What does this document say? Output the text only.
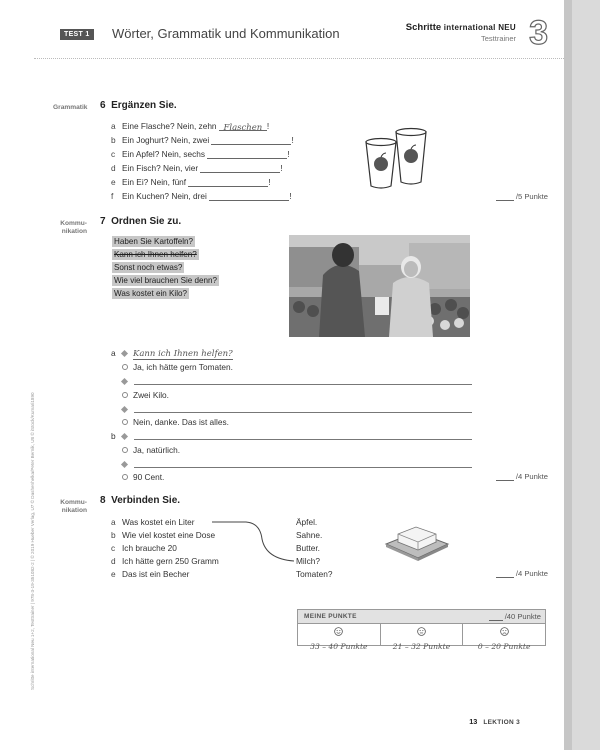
TEST 1	Wörter, Grammatik und Kommunikation	Schritte international NEU
Testtrainer 3
Schritte international Neu 1+2, Testtrainer | 978-3-19-351082-2 | © 2019 Hueber Verlag, U7 © Dashenhelka/Peter Bernik, U8 © iStock/Kumari1890
Grammatik 6 Ergänzen Sie.
a Eine Flasche? Nein, zehn Flaschen !
b Ein Joghurt? Nein, zwei	!
c Ein Apfel? Nein, sechs	!
d Ein Fisch? Nein, vier	!
e Ein Ei? Nein, fünf	!
f Ein Kuchen? Nein, drei	!	/5 Punkte
Kommu-
nikation
7 Ordnen Sie zu.
Haben Sie Kartoffeln?
Kann ich Ihnen helfen?
Sonst noch etwas?
Wie viel brauchen Sie denn?
Was kostet ein Kilo?
a Kann ich Ihnen helfen?
Ja, ich hätte gern Tomaten.
Zwei Kilo.
Nein, danke. Das ist alles.
b
Ja, natürlich.
90 Cent.	/4 Punkte
Kommu-
nikation
8 Verbinden Sie.
a Was kostet ein Liter
b Wie viel kostet eine Dose
c Ich brauche 20
d Ich hätte gern 250 Gramm
e Das ist ein Becher
Äpfel.
Sahne.
Butter.
Milch?
Tomaten?	/4 Punkte
MEINE PUNKTE	/40 Punkte
33 – 40 Punkte	21 – 32 Punkte	0 – 20 Punkte
13 LEKTION 3
